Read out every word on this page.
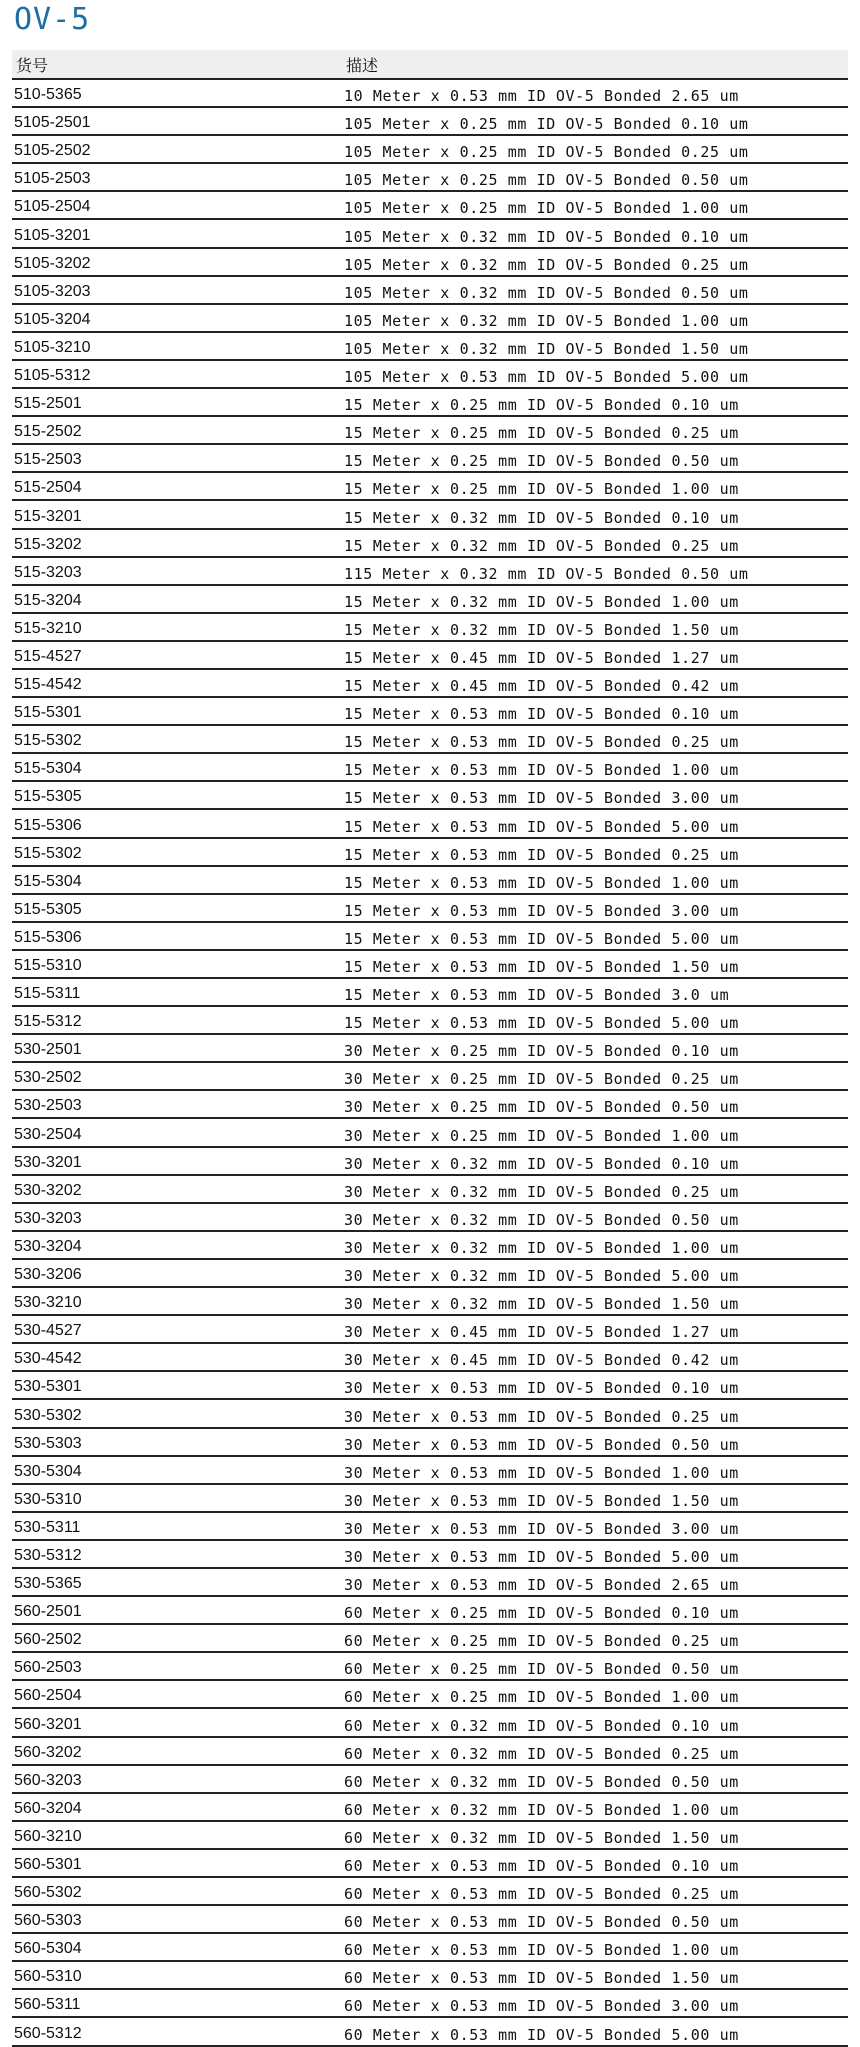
OV-5
货号	描述
510-5365	10 Meter x 0.53 mm ID OV-5 Bonded 2.65 um
5105-2501	105 Meter x 0.25 mm ID OV-5 Bonded 0.10 um
5105-2502	105 Meter x 0.25 mm ID OV-5 Bonded 0.25 um
5105-2503	105 Meter x 0.25 mm ID OV-5 Bonded 0.50 um
5105-2504	105 Meter x 0.25 mm ID OV-5 Bonded 1.00 um
5105-3201	105 Meter x 0.32 mm ID OV-5 Bonded 0.10 um
5105-3202	105 Meter x 0.32 mm ID OV-5 Bonded 0.25 um
5105-3203	105 Meter x 0.32 mm ID OV-5 Bonded 0.50 um
5105-3204	105 Meter x 0.32 mm ID OV-5 Bonded 1.00 um
5105-3210	105 Meter x 0.32 mm ID OV-5 Bonded 1.50 um
5105-5312	105 Meter x 0.53 mm ID OV-5 Bonded 5.00 um
515-2501	15 Meter x 0.25 mm ID OV-5 Bonded 0.10 um
515-2502	15 Meter x 0.25 mm ID OV-5 Bonded 0.25 um
515-2503	15 Meter x 0.25 mm ID OV-5 Bonded 0.50 um
515-2504	15 Meter x 0.25 mm ID OV-5 Bonded 1.00 um
515-3201	15 Meter x 0.32 mm ID OV-5 Bonded 0.10 um
515-3202	15 Meter x 0.32 mm ID OV-5 Bonded 0.25 um
515-3203	115 Meter x 0.32 mm ID OV-5 Bonded 0.50 um
515-3204	15 Meter x 0.32 mm ID OV-5 Bonded 1.00 um
515-3210	15 Meter x 0.32 mm ID OV-5 Bonded 1.50 um
515-4527	15 Meter x 0.45 mm ID OV-5 Bonded 1.27 um
515-4542	15 Meter x 0.45 mm ID OV-5 Bonded 0.42 um
515-5301	15 Meter x 0.53 mm ID OV-5 Bonded 0.10 um
515-5302	15 Meter x 0.53 mm ID OV-5 Bonded 0.25 um
515-5304	15 Meter x 0.53 mm ID OV-5 Bonded 1.00 um
515-5305	15 Meter x 0.53 mm ID OV-5 Bonded 3.00 um
515-5306	15 Meter x 0.53 mm ID OV-5 Bonded 5.00 um
515-5302	15 Meter x 0.53 mm ID OV-5 Bonded 0.25 um
515-5304	15 Meter x 0.53 mm ID OV-5 Bonded 1.00 um
515-5305	15 Meter x 0.53 mm ID OV-5 Bonded 3.00 um
515-5306	15 Meter x 0.53 mm ID OV-5 Bonded 5.00 um
515-5310	15 Meter x 0.53 mm ID OV-5 Bonded 1.50 um
515-5311	15 Meter x 0.53 mm ID OV-5 Bonded 3.0 um
515-5312	15 Meter x 0.53 mm ID OV-5 Bonded 5.00 um
530-2501	30 Meter x 0.25 mm ID OV-5 Bonded 0.10 um
530-2502	30 Meter x 0.25 mm ID OV-5 Bonded 0.25 um
530-2503	30 Meter x 0.25 mm ID OV-5 Bonded 0.50 um
530-2504	30 Meter x 0.25 mm ID OV-5 Bonded 1.00 um
530-3201	30 Meter x 0.32 mm ID OV-5 Bonded 0.10 um
530-3202	30 Meter x 0.32 mm ID OV-5 Bonded 0.25 um
530-3203	30 Meter x 0.32 mm ID OV-5 Bonded 0.50 um
530-3204	30 Meter x 0.32 mm ID OV-5 Bonded 1.00 um
530-3206	30 Meter x 0.32 mm ID OV-5 Bonded 5.00 um
530-3210	30 Meter x 0.32 mm ID OV-5 Bonded 1.50 um
530-4527	30 Meter x 0.45 mm ID OV-5 Bonded 1.27 um
530-4542	30 Meter x 0.45 mm ID OV-5 Bonded 0.42 um
530-5301	30 Meter x 0.53 mm ID OV-5 Bonded 0.10 um
530-5302	30 Meter x 0.53 mm ID OV-5 Bonded 0.25 um
530-5303	30 Meter x 0.53 mm ID OV-5 Bonded 0.50 um
530-5304	30 Meter x 0.53 mm ID OV-5 Bonded 1.00 um
530-5310	30 Meter x 0.53 mm ID OV-5 Bonded 1.50 um
530-5311	30 Meter x 0.53 mm ID OV-5 Bonded 3.00 um
530-5312	30 Meter x 0.53 mm ID OV-5 Bonded 5.00 um
530-5365	30 Meter x 0.53 mm ID OV-5 Bonded 2.65 um
560-2501	60 Meter x 0.25 mm ID OV-5 Bonded 0.10 um
560-2502	60 Meter x 0.25 mm ID OV-5 Bonded 0.25 um
560-2503	60 Meter x 0.25 mm ID OV-5 Bonded 0.50 um
560-2504	60 Meter x 0.25 mm ID OV-5 Bonded 1.00 um
560-3201	60 Meter x 0.32 mm ID OV-5 Bonded 0.10 um
560-3202	60 Meter x 0.32 mm ID OV-5 Bonded 0.25 um
560-3203	60 Meter x 0.32 mm ID OV-5 Bonded 0.50 um
560-3204	60 Meter x 0.32 mm ID OV-5 Bonded 1.00 um
560-3210	60 Meter x 0.32 mm ID OV-5 Bonded 1.50 um
560-5301	60 Meter x 0.53 mm ID OV-5 Bonded 0.10 um
560-5302	60 Meter x 0.53 mm ID OV-5 Bonded 0.25 um
560-5303	60 Meter x 0.53 mm ID OV-5 Bonded 0.50 um
560-5304	60 Meter x 0.53 mm ID OV-5 Bonded 1.00 um
560-5310	60 Meter x 0.53 mm ID OV-5 Bonded 1.50 um
560-5311	60 Meter x 0.53 mm ID OV-5 Bonded 3.00 um
560-5312	60 Meter x 0.53 mm ID OV-5 Bonded 5.00 um
